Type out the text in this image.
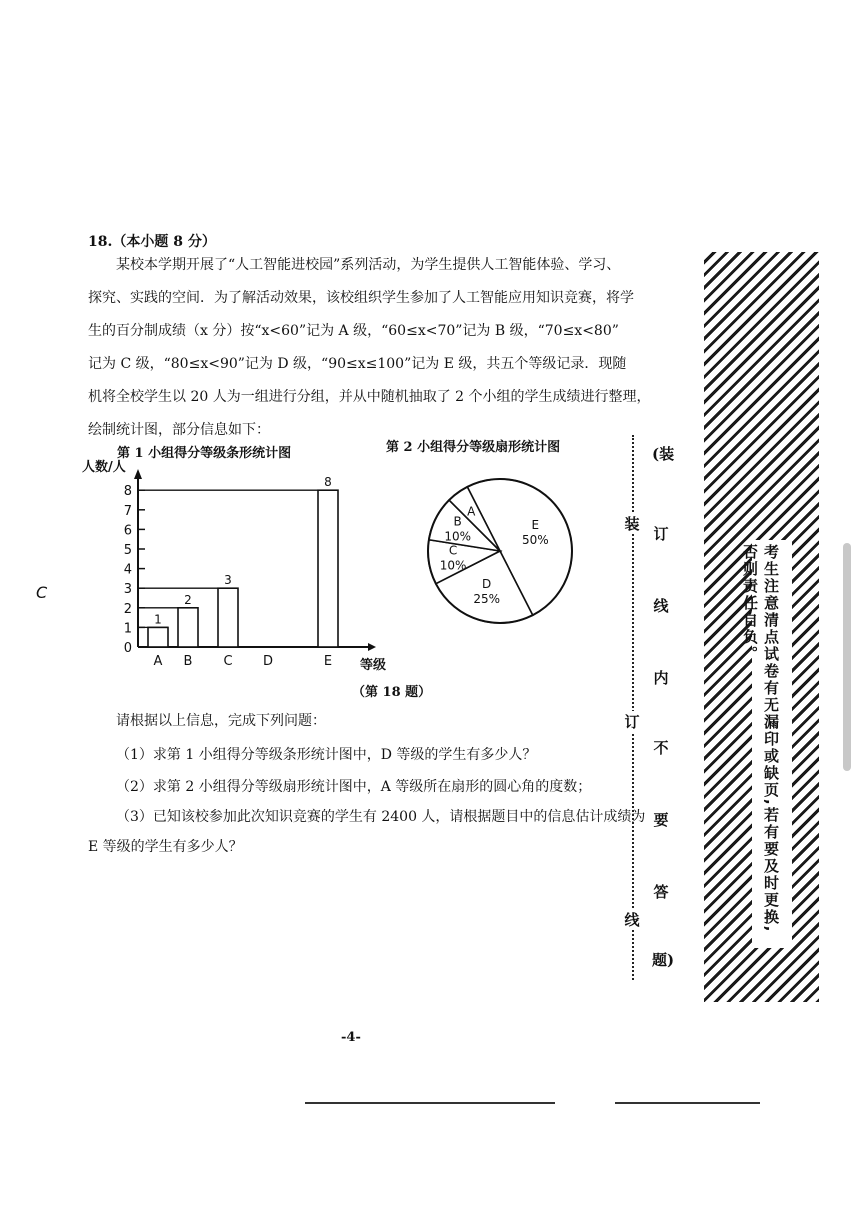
18.（本小题 8 分）
某校本学期开展了“人工智能进校园”系列活动，为学生提供人工智能体验、学习、
探究、实践的空间．为了解活动效果，该校组织学生参加了人工智能应用知识竞赛，将学
生的百分制成绩（x 分）按“x<60”记为 A 级，“60≤x<70”记为 B 级，“70≤x<80”
记为 C 级，“80≤x<90”记为 D 级，“90≤x≤100”记为 E 级，共五个等级记录．现随
机将全校学生以 20 人为一组进行分组，并从中随机抽取了 2 个小组的学生成绩进行整理，
绘制统计图，部分信息如下：
第 1 小组得分等级条形统计图	第 2 小组得分等级扇形统计图
0
1
2
3
4
5
6
7
8
1
A
2
B
3
C D
8
E
人数/人
等级
E
50%
D
25%
C
10%
B
10%
A
（第 18 题）
请根据以上信息，完成下列问题：
（1）求第 1 小组得分等级条形统计图中，D 等级的学生有多少人？
（2）求第 2 小组得分等级扇形统计图中，A 等级所在扇形的圆心角的度数；
（3）已知该校参加此次知识竞赛的学生有 2400 人，请根据题目中的信息估计成绩为
E 等级的学生有多少人？
C
装
订
线
(装
订
线
内
不
要
答
题)
考生注意清点试卷有无漏印或缺页,若有要及时更换,否则责任自负。
-4-
